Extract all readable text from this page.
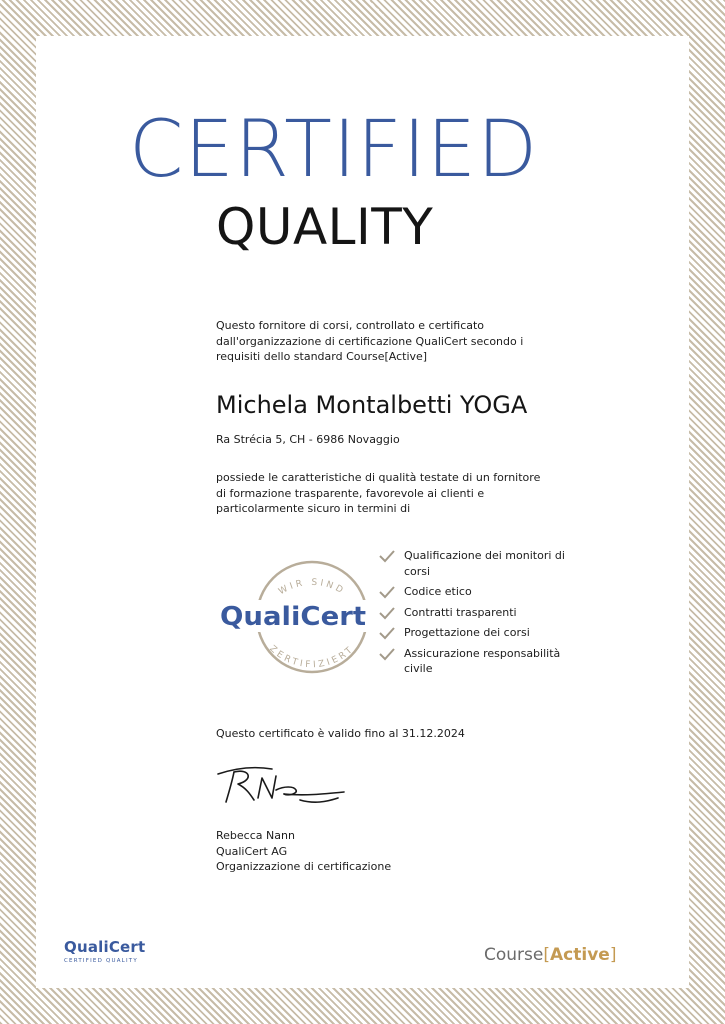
CERTIFIED
QUALITY
Questo fornitore di corsi, controllato e certificato dall'organizzazione di certificazione QualiCert secondo i requisiti dello standard Course[Active]
Michela Montalbetti YOGA
Ra Strécia 5, CH - 6986 Novaggio
possiede le caratteristiche di qualità testate di un fornitore di formazione trasparente, favorevole ai clienti e particolarmente sicuro in termini di
WIR SIND
ZERTIFIZIERT
QualiCert
Qualificazione dei monitori di corsi
Codice etico
Contratti trasparenti
Progettazione dei corsi
Assicurazione responsabilità civile
Questo certificato è valido fino al 31.12.2024
Rebecca Nann
QualiCert AG
Organizzazione di certificazione
QualiCert
CERTIFIED QUALITY	Course[Active]
